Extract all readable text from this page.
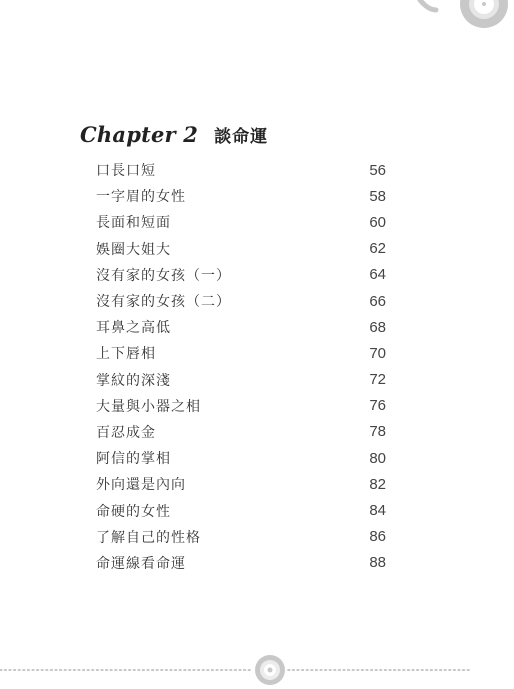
Chapter 2 談命運
口長口短	56
一字眉的女性	58
長面和短面	60
娛圈大姐大	62
沒有家的女孩（一）	64
沒有家的女孩（二）	66
耳鼻之高低	68
上下唇相	70
掌紋的深淺	72
大量與小器之相	76
百忍成金	78
阿信的掌相	80
外向還是內向	82
命硬的女性	84
了解自己的性格	86
命運線看命運	88
